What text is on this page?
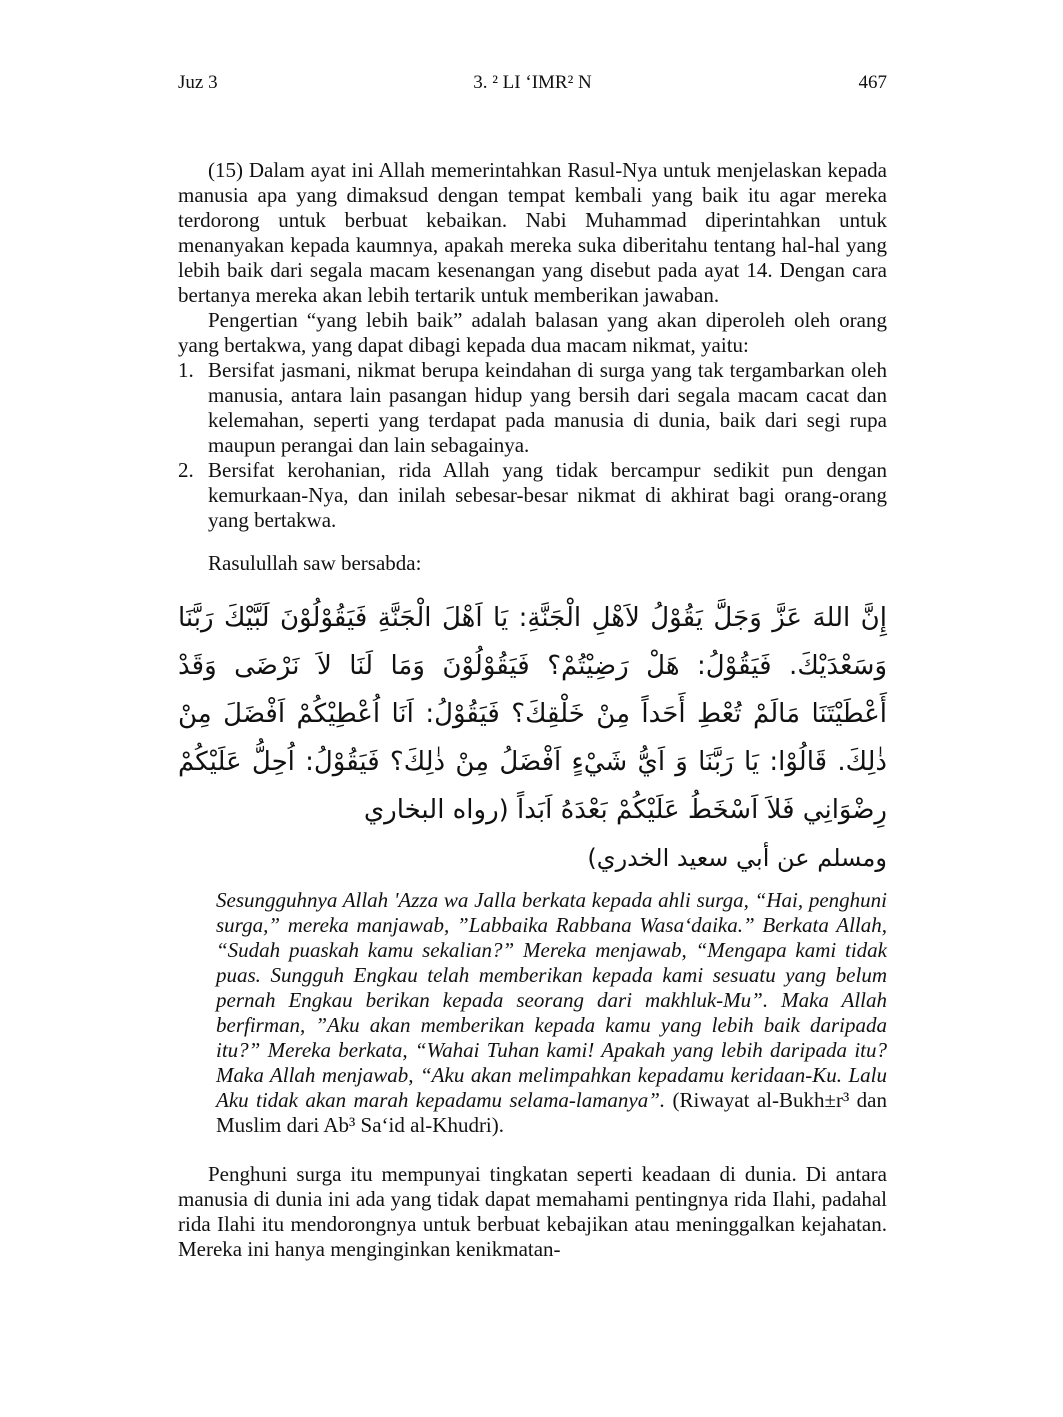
Juz 3	3. ² LI ‘IMR² N	467

(15) Dalam ayat ini Allah memerintahkan Rasul-Nya untuk menjelaskan kepada manusia apa yang dimaksud dengan tempat kembali yang baik itu agar mereka terdorong untuk berbuat kebaikan. Nabi Muhammad diperintahkan untuk menanyakan kepada kaumnya, apakah mereka suka diberitahu tentang hal-hal yang lebih baik dari segala macam kesenangan yang disebut pada ayat 14. Dengan cara bertanya mereka akan lebih tertarik untuk memberikan jawaban.

Pengertian “yang lebih baik” adalah balasan yang akan diperoleh oleh orang yang bertakwa, yang dapat dibagi kepada dua macam nikmat, yaitu:

1. Bersifat jasmani, nikmat berupa keindahan di surga yang tak tergambarkan oleh manusia, antara lain pasangan hidup yang bersih dari segala macam cacat dan kelemahan, seperti yang terdapat pada manusia di dunia, baik dari segi rupa maupun perangai dan lain sebagainya.
2. Bersifat kerohanian, rida Allah yang tidak bercampur sedikit pun dengan kemurkaan-Nya, dan inilah sebesar-besar nikmat di akhirat bagi orang-orang yang bertakwa.

Rasulullah saw bersabda:

إِنَّ اللهَ عَزَّ وَجَلَّ يَقُوْلُ لاَهْلِ الْجَنَّةِ: يَا اَهْلَ الْجَنَّةِ فَيَقُوْلُوْنَ لَبَّيْكَ رَبَّنَا وَسَعْدَيْكَ. فَيَقُوْلُ: هَلْ رَضِيْتُمْ؟ فَيَقُوْلُوْنَ وَمَا لَنَا لاَ نَرْضَى وَقَدْ أَعْطَيْتَنَا مَالَمْ تُعْطِ أَحَداً مِنْ خَلْقِكَ؟ فَيَقُوْلُ: اَنَا اُعْطِيْكُمْ اَفْضَلَ مِنْ ذٰلِكَ. قَالُوْا: يَا رَبَّنَا وَ اَيُّ شَيْءٍ اَفْضَلُ مِنْ ذٰلِكَ؟ فَيَقُوْلُ: اُحِلُّ عَلَيْكُمْ رِضْوَانِي فَلاَ اَسْخَطُ عَلَيْكُمْ بَعْدَهُ اَبَداً (رواه البخاري
ومسلم عن أبي سعيد الخدري)

Sesungguhnya Allah 'Azza wa Jalla berkata kepada ahli surga, “Hai, penghuni surga,” mereka manjawab, ”Labbaika Rabbana Wasa‘daika.” Berkata Allah, “Sudah puaskah kamu sekalian?” Mereka menjawab, “Mengapa kami tidak puas. Sungguh Engkau telah memberikan kepada kami sesuatu yang belum pernah Engkau berikan kepada seorang dari makhluk-Mu”. Maka Allah berfirman, ”Aku akan memberikan kepada kamu yang lebih baik daripada itu?” Mereka berkata, “Wahai Tuhan kami! Apakah yang lebih daripada itu? Maka Allah menjawab, “Aku akan melimpahkan kepadamu keridaan-Ku. Lalu Aku tidak akan marah kepadamu selama-lamanya”. (Riwayat al-Bukh±r³ dan Muslim dari Ab³ Sa‘id al-Khudri).

Penghuni surga itu mempunyai tingkatan seperti keadaan di dunia. Di antara manusia di dunia ini ada yang tidak dapat memahami pentingnya rida Ilahi, padahal rida Ilahi itu mendorongnya untuk berbuat kebajikan atau meninggalkan kejahatan. Mereka ini hanya menginginkan kenikmatan-
